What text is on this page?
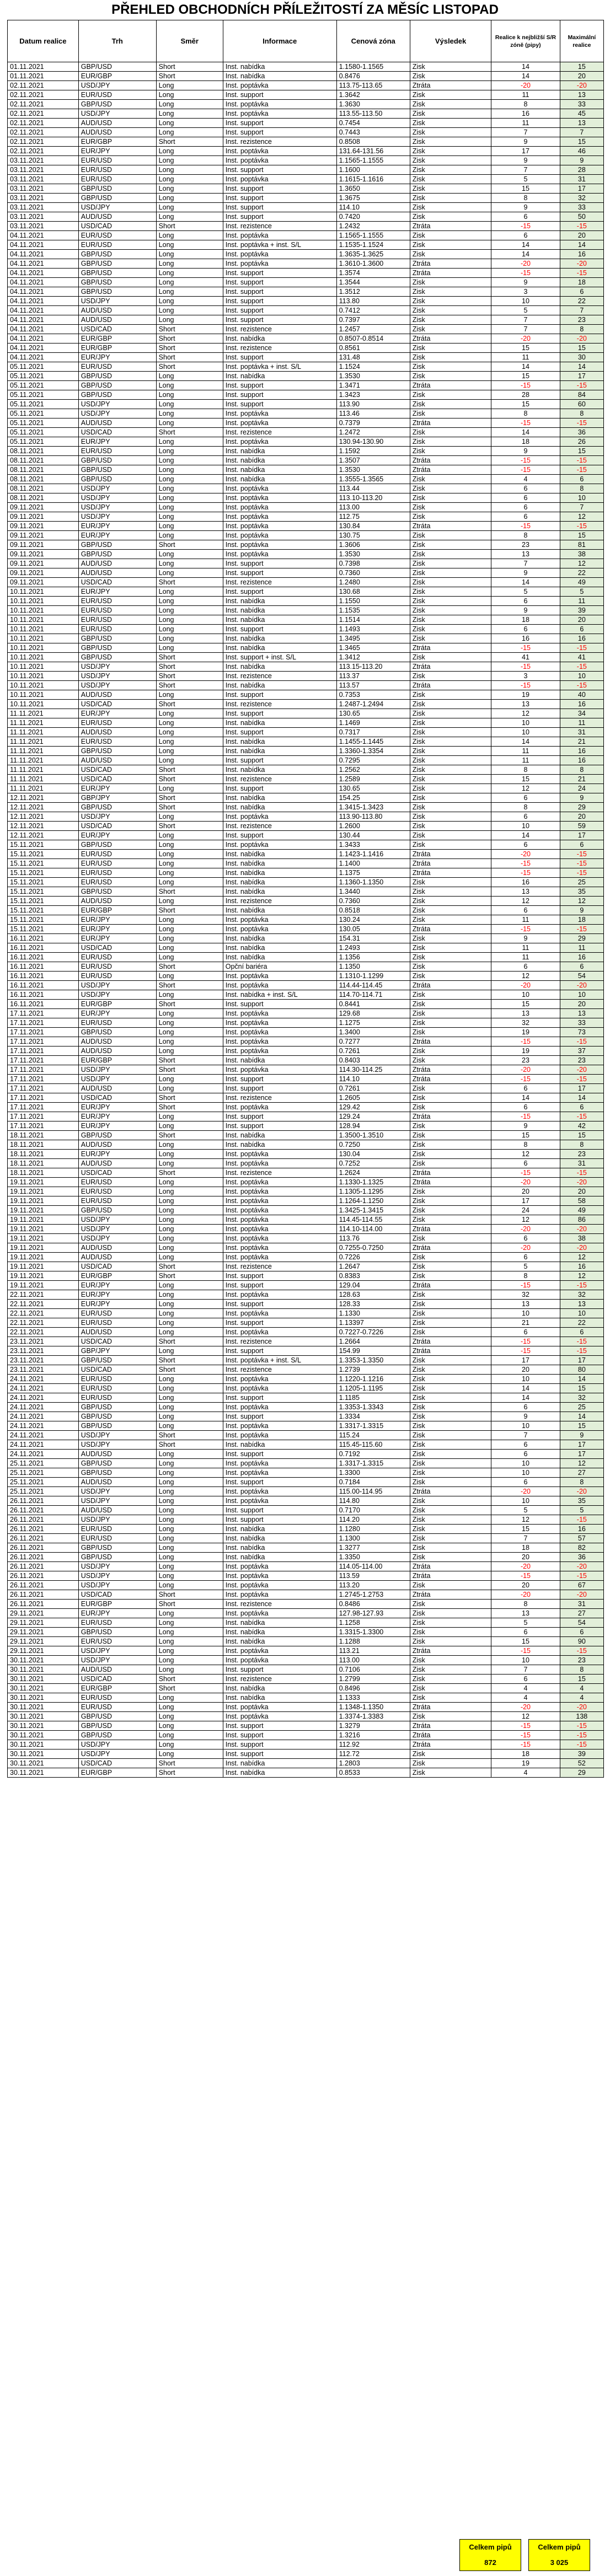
PŘEHLED OBCHODNÍCH PŘÍLEŽITOSTÍ ZA MĚSÍC LISTOPAD
Datum realice	Trh	Směr	Informace	Cenová zóna	Výsledek	Realice k nejbližší S/R zóně (pipy)	Maximální realice
01.11.2021	GBP/USD	Short	Inst. nabídka	1.1580-1.1565	Zisk	14	15
01.11.2021	EUR/GBP	Short	Inst. nabídka	0.8476	Zisk	14	20
02.11.2021	USD/JPY	Long	Inst. poptávka	113.75-113.65	Ztráta	-20	-20
02.11.2021	EUR/USD	Long	Inst. support	1.3642	Zisk	11	13
02.11.2021	GBP/USD	Long	Inst. poptávka	1.3630	Zisk	8	33
02.11.2021	USD/JPY	Long	Inst. poptávka	113.55-113.50	Zisk	16	45
02.11.2021	AUD/USD	Long	Inst. support	0.7454	Zisk	11	13
02.11.2021	AUD/USD	Long	Inst. support	0.7443	Zisk	7	7
02.11.2021	EUR/GBP	Short	Inst. rezistence	0.8508	Zisk	9	15
02.11.2021	EUR/JPY	Long	Inst. poptávka	131.64-131.56	Zisk	17	46
03.11.2021	EUR/USD	Long	Inst. poptávka	1.1565-1.1555	Zisk	9	9
03.11.2021	EUR/USD	Long	Inst. support	1.1600	Zisk	7	28
03.11.2021	EUR/USD	Long	Inst. poptávka	1.1615-1.1616	Zisk	5	31
03.11.2021	GBP/USD	Long	Inst. support	1.3650	Zisk	15	17
03.11.2021	GBP/USD	Long	Inst. support	1.3675	Zisk	8	32
03.11.2021	USD/JPY	Long	Inst. support	114.10	Zisk	9	33
03.11.2021	AUD/USD	Long	Inst. support	0.7420	Zisk	6	50
03.11.2021	USD/CAD	Short	Inst. rezistence	1.2432	Ztráta	-15	-15
04.11.2021	EUR/USD	Long	Inst. poptávka	1.1565-1.1555	Zisk	6	20
04.11.2021	EUR/USD	Long	Inst. poptávka + inst. S/L	1.1535-1.1524	Zisk	14	14
04.11.2021	GBP/USD	Long	Inst. poptávka	1.3635-1.3625	Zisk	14	16
04.11.2021	GBP/USD	Long	Inst. poptávka	1.3610-1.3600	Ztráta	-20	-20
04.11.2021	GBP/USD	Long	Inst. support	1.3574	Ztráta	-15	-15
04.11.2021	GBP/USD	Long	Inst. support	1.3544	Zisk	9	18
04.11.2021	GBP/USD	Long	Inst. support	1.3512	Zisk	3	6
04.11.2021	USD/JPY	Long	Inst. support	113.80	Zisk	10	22
04.11.2021	AUD/USD	Long	Inst. support	0.7412	Zisk	5	7
04.11.2021	AUD/USD	Long	Inst. support	0.7397	Zisk	7	23
04.11.2021	USD/CAD	Short	Inst. rezistence	1.2457	Zisk	7	8
04.11.2021	EUR/GBP	Short	Inst. nabídka	0.8507-0.8514	Ztráta	-20	-20
04.11.2021	EUR/GBP	Short	Inst. rezistence	0.8561	Zisk	15	15
04.11.2021	EUR/JPY	Short	Inst. support	131.48	Zisk	11	30
05.11.2021	EUR/USD	Short	Inst. poptávka + inst. S/L	1.1524	Zisk	14	14
05.11.2021	GBP/USD	Long	Inst. nabídka	1.3530	Zisk	15	17
05.11.2021	GBP/USD	Long	Inst. support	1.3471	Ztráta	-15	-15
05.11.2021	GBP/USD	Long	Inst. support	1.3423	Zisk	28	84
05.11.2021	USD/JPY	Long	Inst. support	113.90	Zisk	15	60
05.11.2021	USD/JPY	Long	Inst. poptávka	113.46	Zisk	8	8
05.11.2021	AUD/USD	Long	Inst. poptávka	0.7379	Ztráta	-15	-15
05.11.2021	USD/CAD	Short	Inst. rezistence	1.2472	Zisk	14	36
05.11.2021	EUR/JPY	Long	Inst. poptávka	130.94-130.90	Zisk	18	26
08.11.2021	EUR/USD	Long	Inst. nabídka	1.1592	Zisk	9	15
08.11.2021	GBP/USD	Long	Inst. nabídka	1.3507	Ztráta	-15	-15
08.11.2021	GBP/USD	Long	Inst. nabídka	1.3530	Ztráta	-15	-15
08.11.2021	GBP/USD	Long	Inst. nabídka	1.3555-1.3565	Zisk	4	6
08.11.2021	USD/JPY	Long	Inst. poptávka	113.44	Zisk	6	8
08.11.2021	USD/JPY	Long	Inst. poptávka	113.10-113.20	Zisk	6	10
09.11.2021	USD/JPY	Long	Inst. poptávka	113.00	Zisk	6	7
09.11.2021	USD/JPY	Long	Inst. poptávka	112.75	Zisk	6	12
09.11.2021	EUR/JPY	Long	Inst. poptávka	130.84	Ztráta	-15	-15
09.11.2021	EUR/JPY	Long	Inst. poptávka	130.75	Zisk	8	15
09.11.2021	GBP/USD	Short	Inst. poptávka	1.3606	Zisk	23	81
09.11.2021	GBP/USD	Long	Inst. poptávka	1.3530	Zisk	13	38
09.11.2021	AUD/USD	Long	Inst. support	0.7398	Zisk	7	12
09.11.2021	AUD/USD	Long	Inst. support	0.7360	Zisk	9	22
09.11.2021	USD/CAD	Short	Inst. rezistence	1.2480	Zisk	14	49
10.11.2021	EUR/JPY	Long	Inst. support	130.68	Zisk	5	5
10.11.2021	EUR/USD	Long	Inst. nabídka	1.1550	Zisk	6	11
10.11.2021	EUR/USD	Long	Inst. nabídka	1.1535	Zisk	9	39
10.11.2021	EUR/USD	Long	Inst. nabídka	1.1514	Zisk	18	20
10.11.2021	EUR/USD	Long	Inst. support	1.1493	Zisk	6	6
10.11.2021	GBP/USD	Long	Inst. nabídka	1.3495	Zisk	16	16
10.11.2021	GBP/USD	Long	Inst. nabídka	1.3465	Ztráta	-15	-15
10.11.2021	GBP/USD	Short	Inst. support + inst. S/L	1.3412	Zisk	41	41
10.11.2021	USD/JPY	Short	Inst. nabídka	113.15-113.20	Ztráta	-15	-15
10.11.2021	USD/JPY	Short	Inst. rezistence	113.37	Zisk	3	10
10.11.2021	USD/JPY	Short	Inst. nabídka	113.57	Ztráta	-15	-15
10.11.2021	AUD/USD	Long	Inst. support	0.7353	Zisk	19	40
10.11.2021	USD/CAD	Short	Inst. rezistence	1.2487-1.2494	Zisk	13	16
11.11.2021	EUR/JPY	Long	Inst. support	130.65	Zisk	12	34
11.11.2021	EUR/USD	Long	Inst. nabídka	1.1469	Zisk	10	11
11.11.2021	AUD/USD	Long	Inst. support	0.7317	Zisk	10	31
11.11.2021	EUR/USD	Long	Inst. nabídka	1.1455-1.1445	Zisk	14	21
11.11.2021	GBP/USD	Long	Inst. nabídka	1.3360-1.3354	Zisk	11	16
11.11.2021	AUD/USD	Long	Inst. support	0.7295	Zisk	11	16
11.11.2021	USD/CAD	Short	Inst. nabídka	1.2562	Zisk	8	8
11.11.2021	USD/CAD	Short	Inst. rezistence	1.2589	Zisk	15	21
11.11.2021	EUR/JPY	Long	Inst. support	130.65	Zisk	12	24
12.11.2021	GBP/JPY	Short	Inst. nabídka	154.25	Zisk	6	9
12.11.2021	GBP/USD	Short	Inst. nabídka	1.3415-1.3423	Zisk	8	29
12.11.2021	USD/JPY	Long	Inst. poptávka	113.90-113.80	Zisk	6	20
12.11.2021	USD/CAD	Short	Inst. rezistence	1.2600	Zisk	10	59
12.11.2021	EUR/JPY	Long	Inst. support	130.44	Zisk	14	17
15.11.2021	GBP/USD	Long	Inst. poptávka	1.3433	Zisk	6	6
15.11.2021	EUR/USD	Long	Inst. nabídka	1.1423-1.1416	Ztráta	-20	-15
15.11.2021	EUR/USD	Long	Inst. nabídka	1.1400	Ztráta	-15	-15
15.11.2021	EUR/USD	Long	Inst. nabídka	1.1375	Ztráta	-15	-15
15.11.2021	EUR/USD	Long	Inst. nabídka	1.1360-1.1350	Zisk	16	25
15.11.2021	GBP/USD	Short	Inst. nabídka	1.3440	Zisk	13	35
15.11.2021	AUD/USD	Long	Inst. rezistence	0.7360	Zisk	12	12
15.11.2021	EUR/GBP	Short	Inst. nabídka	0.8518	Zisk	6	9
15.11.2021	EUR/JPY	Long	Inst. poptávka	130.24	Zisk	11	18
15.11.2021	EUR/JPY	Long	Inst. poptávka	130.05	Ztráta	-15	-15
16.11.2021	EUR/JPY	Long	Inst. nabídka	154.31	Zisk	9	29
16.11.2021	USD/CAD	Long	Inst. nabídka	1.2493	Zisk	11	11
16.11.2021	EUR/USD	Long	Inst. nabídka	1.1356	Zisk	11	16
16.11.2021	EUR/USD	Short	Opční bariéra	1.1350	Zisk	6	6
16.11.2021	EUR/USD	Long	Inst. poptávka	1.1310-1.1299	Zisk	12	54
16.11.2021	USD/JPY	Short	Inst. poptávka	114.44-114.45	Ztráta	-20	-20
16.11.2021	USD/JPY	Long	Inst. nabídka + inst. S/L	114.70-114.71	Zisk	10	10
16.11.2021	EUR/GBP	Short	Inst. support	0.8441	Zisk	15	20
17.11.2021	EUR/JPY	Long	Inst. poptávka	129.68	Zisk	13	13
17.11.2021	EUR/USD	Long	Inst. poptávka	1.1275	Zisk	32	33
17.11.2021	GBP/USD	Long	Inst. poptávka	1.3400	Zisk	19	73
17.11.2021	AUD/USD	Long	Inst. poptávka	0.7277	Ztráta	-15	-15
17.11.2021	AUD/USD	Long	Inst. poptávka	0.7261	Zisk	19	37
17.11.2021	EUR/GBP	Short	Inst. nabídka	0.8403	Zisk	23	23
17.11.2021	USD/JPY	Short	Inst. poptávka	114.30-114.25	Ztráta	-20	-20
17.11.2021	USD/JPY	Long	Inst. support	114.10	Ztráta	-15	-15
17.11.2021	AUD/USD	Long	Inst. support	0.7261	Zisk	6	17
17.11.2021	USD/CAD	Short	Inst. rezistence	1.2605	Zisk	14	14
17.11.2021	EUR/JPY	Short	Inst. poptávka	129.42	Zisk	6	6
17.11.2021	EUR/JPY	Long	Inst. support	129.24	Ztráta	-15	-15
17.11.2021	EUR/JPY	Long	Inst. support	128.94	Zisk	9	42
18.11.2021	GBP/USD	Short	Inst. nabídka	1.3500-1.3510	Zisk	15	15
18.11.2021	AUD/USD	Long	Inst. nabídka	0.7250	Zisk	8	8
18.11.2021	EUR/JPY	Long	Inst. poptávka	130.04	Zisk	12	23
18.11.2021	AUD/USD	Long	Inst. poptávka	0.7252	Zisk	6	31
18.11.2021	USD/CAD	Short	Inst. rezistence	1.2624	Ztráta	-15	-15
19.11.2021	EUR/USD	Long	Inst. poptávka	1.1330-1.1325	Ztráta	-20	-20
19.11.2021	EUR/USD	Long	Inst. poptávka	1.1305-1.1295	Zisk	20	20
19.11.2021	EUR/USD	Long	Inst. poptávka	1.1264-1.1250	Zisk	17	58
19.11.2021	GBP/USD	Long	Inst. poptávka	1.3425-1.3415	Zisk	24	49
19.11.2021	USD/JPY	Long	Inst. poptávka	114.45-114.55	Zisk	12	86
19.11.2021	USD/JPY	Long	Inst. poptávka	114.10-114.00	Ztráta	-20	-20
19.11.2021	USD/JPY	Long	Inst. poptávka	113.76	Zisk	6	38
19.11.2021	AUD/USD	Long	Inst. poptávka	0.7255-0.7250	Ztráta	-20	-20
19.11.2021	AUD/USD	Long	Inst. poptávka	0.7226	Zisk	6	12
19.11.2021	USD/CAD	Short	Inst. rezistence	1.2647	Zisk	5	16
19.11.2021	EUR/GBP	Short	Inst. support	0.8383	Zisk	8	12
19.11.2021	EUR/JPY	Long	Inst. support	129.04	Ztráta	-15	-15
22.11.2021	EUR/JPY	Long	Inst. poptávka	128.63	Zisk	32	32
22.11.2021	EUR/JPY	Long	Inst. support	128.33	Zisk	13	13
22.11.2021	EUR/USD	Long	Inst. poptávka	1.1330	Zisk	10	10
22.11.2021	EUR/USD	Long	Inst. support	1.13397	Zisk	21	22
22.11.2021	AUD/USD	Long	Inst. poptávka	0.7227-0.7226	Zisk	6	6
23.11.2021	USD/CAD	Short	Inst. rezistence	1.2664	Ztráta	-15	-15
23.11.2021	GBP/JPY	Long	Inst. support	154.99	Ztráta	-15	-15
23.11.2021	GBP/USD	Short	Inst. poptávka + inst. S/L	1.3353-1.3350	Zisk	17	17
23.11.2021	USD/CAD	Short	Inst. rezistence	1.2739	Zisk	20	80
24.11.2021	EUR/USD	Long	Inst. poptávka	1.1220-1.1216	Zisk	10	14
24.11.2021	EUR/USD	Long	Inst. poptávka	1.1205-1.1195	Zisk	14	15
24.11.2021	EUR/USD	Long	Inst. support	1.1185	Zisk	14	32
24.11.2021	GBP/USD	Long	Inst. poptávka	1.3353-1.3343	Zisk	6	25
24.11.2021	GBP/USD	Long	Inst. support	1.3334	Zisk	9	14
24.11.2021	GBP/USD	Long	Inst. poptávka	1.3317-1.3315	Zisk	10	15
24.11.2021	USD/JPY	Short	Inst. poptávka	115.24	Zisk	7	9
24.11.2021	USD/JPY	Short	Inst. nabídka	115.45-115.60	Zisk	6	17
24.11.2021	AUD/USD	Long	Inst. support	0.7192	Zisk	6	17
25.11.2021	GBP/USD	Long	Inst. poptávka	1.3317-1.3315	Zisk	10	12
25.11.2021	GBP/USD	Long	Inst. poptávka	1.3300	Zisk	10	27
25.11.2021	AUD/USD	Long	Inst. support	0.7184	Zisk	6	8
25.11.2021	USD/JPY	Long	Inst. poptávka	115.00-114.95	Ztráta	-20	-20
26.11.2021	USD/JPY	Long	Inst. poptávka	114.80	Zisk	10	35
26.11.2021	AUD/USD	Long	Inst. support	0.7170	Zisk	5	5
26.11.2021	USD/JPY	Long	Inst. support	114.20	Zisk	12	-15
26.11.2021	EUR/USD	Long	Inst. nabídka	1.1280	Zisk	15	16
26.11.2021	EUR/USD	Long	Inst. nabídka	1.1300	Zisk	7	57
26.11.2021	GBP/USD	Long	Inst. nabídka	1.3277	Zisk	18	82
26.11.2021	GBP/USD	Long	Inst. nabídka	1.3350	Zisk	20	36
26.11.2021	USD/JPY	Long	Inst. poptávka	114.05-114.00	Ztráta	-20	-20
26.11.2021	USD/JPY	Long	Inst. poptávka	113.59	Ztráta	-15	-15
26.11.2021	USD/JPY	Long	Inst. poptávka	113.20	Zisk	20	67
26.11.2021	USD/CAD	Short	Inst. poptávka	1.2745-1.2753	Ztráta	-20	-20
26.11.2021	EUR/GBP	Short	Inst. rezistence	0.8486	Zisk	8	31
29.11.2021	EUR/JPY	Long	Inst. poptávka	127.98-127.93	Zisk	13	27
29.11.2021	EUR/USD	Long	Inst. nabídka	1.1258	Zisk	5	54
29.11.2021	GBP/USD	Long	Inst. nabídka	1.3315-1.3300	Zisk	6	6
29.11.2021	EUR/USD	Long	Inst. nabídka	1.1288	Zisk	15	90
29.11.2021	USD/JPY	Long	Inst. poptávka	113.21	Ztráta	-15	-15
30.11.2021	USD/JPY	Long	Inst. poptávka	113.00	Zisk	10	23
30.11.2021	AUD/USD	Long	Inst. support	0.7106	Zisk	7	8
30.11.2021	USD/CAD	Short	Inst. rezistence	1.2799	Zisk	6	15
30.11.2021	EUR/GBP	Short	Inst. nabídka	0.8496	Zisk	4	4
30.11.2021	EUR/USD	Long	Inst. nabídka	1.1333	Zisk	4	4
30.11.2021	EUR/USD	Long	Inst. poptávka	1.1348-1.1350	Ztráta	-20	-20
30.11.2021	GBP/USD	Long	Inst. poptávka	1.3374-1.3383	Zisk	12	138
30.11.2021	GBP/USD	Long	Inst. support	1.3279	Ztráta	-15	-15
30.11.2021	GBP/USD	Long	Inst. support	1.3216	Ztráta	-15	-15
30.11.2021	USD/JPY	Long	Inst. support	112.92	Ztráta	-15	-15
30.11.2021	USD/JPY	Long	Inst. support	112.72	Zisk	18	39
30.11.2021	USD/CAD	Short	Inst. nabídka	1.2803	Zisk	19	52
30.11.2021	EUR/GBP	Short	Inst. nabídka	0.8533	Zisk	4	29
Celkem pipů
872
Celkem pipů
3 025
